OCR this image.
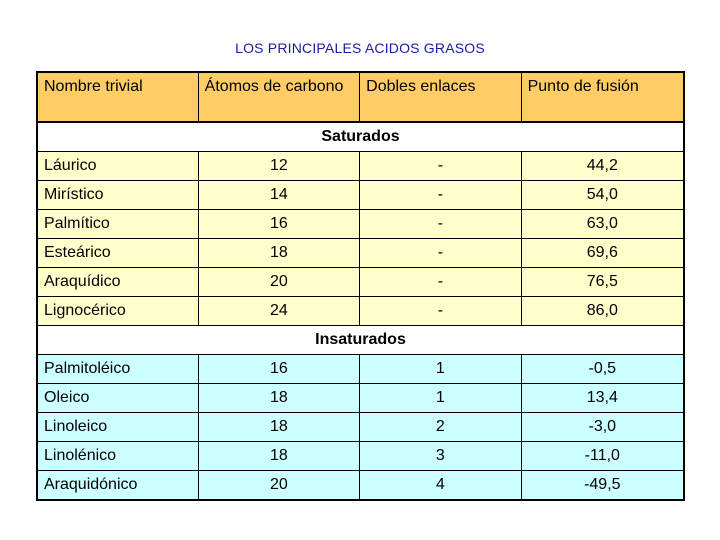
LOS PRINCIPALES ACIDOS GRASOS
Nombre trivial	Átomos de carbono	Dobles enlaces	Punto de fusión
Saturados			
Láurico	12	-	44,2
Mirístico	14	-	54,0
Palmítico	16	-	63,0
Esteárico	18	-	69,6
Araquídico	20	-	76,5
Lignocérico	24	-	86,0
Insaturados			
Palmitoléico	16	1	-0,5
Oleico	18	1	13,4
Linoleico	18	2	-3,0
Linolénico	18	3	-11,0
Araquidónico	20	4	-49,5
